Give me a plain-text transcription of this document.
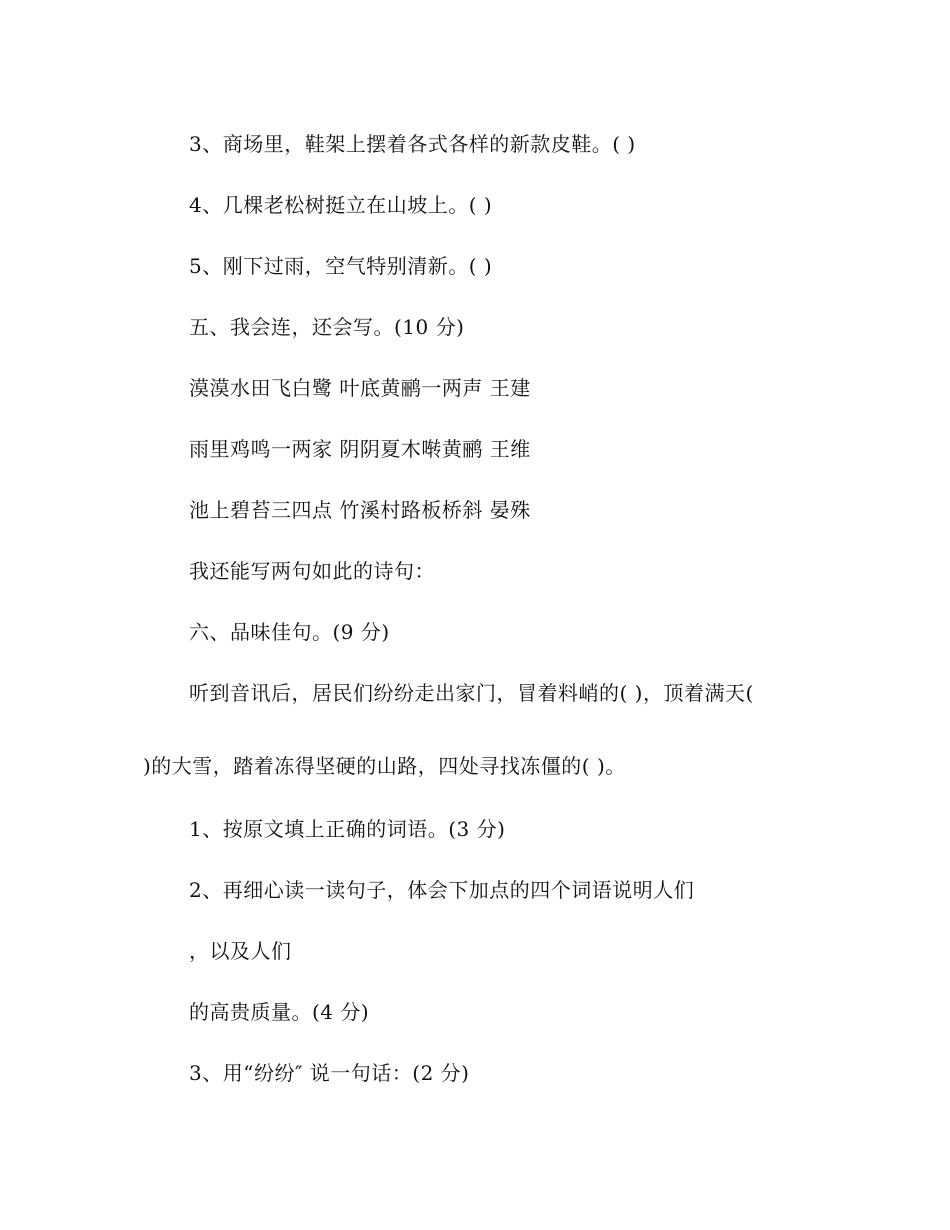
3、商场里，鞋架上摆着各式各样的新款皮鞋。( )
4、几棵老松树挺立在山坡上。( )
5、刚下过雨，空气特别清新。( )
五、我会连，还会写。(10 分)
漠漠水田飞白鹭 叶底黄鹂一两声 王建
雨里鸡鸣一两家 阴阴夏木啭黄鹂 王维
池上碧苔三四点 竹溪村路板桥斜 晏殊
我还能写两句如此的诗句：
六、品味佳句。(9 分)
听到音讯后，居民们纷纷走出家门，冒着料峭的( )，顶着满天(
)的大雪，踏着冻得坚硬的山路，四处寻找冻僵的( )。
1、按原文填上正确的词语。(3 分)
2、再细心读一读句子，体会下加点的四个词语说明人们
，以及人们
的高贵质量。(4 分)
3、用“纷纷″ 说一句话：(2 分)
